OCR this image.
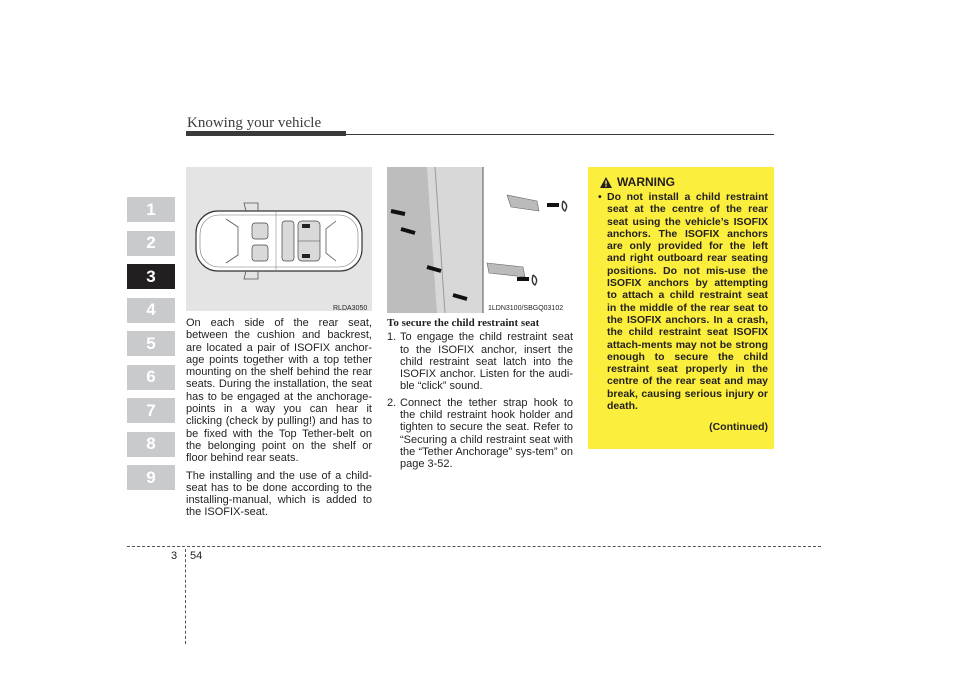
Knowing your vehicle
1
2
3
4
5
6
7
8
9
RLDA3050	1LDN3100/SBGQ03102

On each side of the rear seat, between the cushion and backrest, are located a pair of ISOFIX anchor-age points together with a top tether mounting on the shelf behind the rear seats. During the installation, the seat has to be engaged at the anchorage-points in a way you can hear it clicking (check by pulling!) and has to be fixed with the Top Tether-belt on the belonging point on the shelf or floor behind rear seats.

The installing and the use of a child-seat has to be done according to the installing-manual, which is added to the ISOFIX-seat.

To secure the child restraint seat
1. To engage the child restraint seat to the ISOFIX anchor, insert the child restraint seat latch into the ISOFIX anchor. Listen for the audi-ble “click” sound.
2. Connect the tether strap hook to the child restraint hook holder and tighten to secure the seat. Refer to “Securing a child restraint seat with the “Tether Anchorage” sys-tem” on page 3-52.
WARNING
• Do not install a child restraint seat at the centre of the rear seat using the vehicle’s ISOFIX anchors. The ISOFIX anchors are only provided for the left and right outboard rear seating positions. Do not mis-use the ISOFIX anchors by attempting to attach a child restraint seat in the middle of the rear seat to the ISOFIX anchors. In a crash, the child restraint seat ISOFIX attach-ments may not be strong enough to secure the child restraint seat properly in the centre of the rear seat and may break, causing serious injury or death.
(Continued)
3 54
